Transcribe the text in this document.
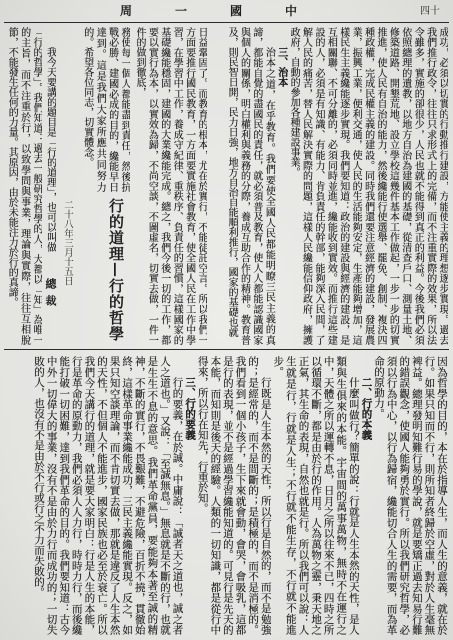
中國一周	四十

成功，必須以切實的行動推行建設，方能使主義的理想逐步實現。過去我們推行政令，往往只求形式上的完備，而不注重實際的效果，所以法令雖多，實施的卻很少，人民也就不能得到真正的利益。今後我們必須依照總理的遺教，以地方自治為建國的基礎，從清查戶口、測量土地、修築道路、開墾荒地、設立學校這幾件基本工作做起，一步一步的切實推進，使人民有自治的能力，然後纔能行使選舉、罷免、創制、複決四種政權，完成民權主義的建設。同時我們還要注意經濟的建設，發展農業，振興工業，便利交通，使人民的生活能夠安定，生產能夠增加，這樣民生主義纔能逐步實現。我們要知道：政治的建設與經濟的建設，是互相關聯、不可分離的，必須同時並進，纔能收到實效。而推行這些建設的人，必須是有知識、有能力、肯負責任的幹部，能夠深入民間，了解人民的痛苦，替人民解決實際的問題，這樣人民纔能信仰政府，擁護政府，自動的參加各種建設事業。

三、治本

治本之道，在乎教育。我們要使全國人民都能明瞭三民主義的真諦，都能自覺的盡國民的責任，就必須普及教育，使人人都能認識國家與個人的關係，明白權利與義務的分際，養成互助合作的精神。教育普及，則民智日開，民力日強，地方自治自能順利推行，國家的基礎也就

日益鞏固了。而教育的根本，尤在於實行，不能徒託空言。所以我們一方面要推行國民教育，一方面要實施社會教育，使全國人民在工作中學習，在學習中工作，養成守紀律、重秩序、負責任的習慣，這樣國家的基礎纔能穩固，建國的大業纔能完成。總之，我們今後一切的工作，都要以實行為本，以實效為歸，不尚空談，不圖虛名，切實去做，一件一件的做到徹底，

務使每一個人都能盡到責任，然後抗戰必勝、建國必成的目的，纔能早日達到。這是我們大家所應共同努力的。希望各位同志，切實體念。

行的道理—行的哲學
二十八年三月十五日
總裁

我今天要講的題目是「行的道理」，也可以叫做

「行的哲學」。我們知道：過去一般研究哲學的人，大都以「知」為唯一的主旨，而不注重於行，以致學問與事業，理論與實際，往往互相脫節，不能發生任何的力量。其原因，由於未能注力於行的真諦。

因為哲學的目的，本在於指導人生，而人生的意義，就在於行。如果只知而不行，則所知者終歸於空虛，對於人生毫無裨益。總理發明知難行易的學說，就是要矯正過去知易行難的錯誤觀念，使國人能夠勇於實行。所以我們研究哲學，必須以行為中心，以行為歸宿，纔能切合人生的需要，而為革命的原動力。

二、行的本義

什麼叫做行？簡單的說：行就是人生本然的天性，是人類與生俱來的本能。宇宙間的萬事萬物，無時不在運行之中，天體之所以運轉不息，日月之所以往來不已，四時之所以循環不斷，都是由於行的作用。人為萬物之靈，秉天地之正氣，其生命的表現，自然也就是行。所以我們可以說：人生就是行，行就是人生；不行就不能生存，不行就不能進步。

行既是人生本然的天性，所以行是自然的，而不是勉強的；是經常的，而不是間斷的；是積極的，而不是消極的。我們看到一個小孩子，生下來就會動，會哭，會吸乳，這都是行的表現，並不是經過學習纔能知道的。可見行是先天的本能，而知則是後天的經驗。人類的一切知識，都是從行中得來，所以行在知先，行重於知。

三、行的要義

行的要義，在於誠。中庸說：「誠者天之道也，誠之者人之道也。」又說：「至誠無息。」無息就是不斷的行，也就是生生不息的意思。我們革命黨員，要能夠本著至誠的精神，不斷的實行，不畏艱難，不避危險，百折不撓，貫徹始終，這樣革命事業纔能成功，三民主義纔能實現。反之，如果只知空談理論，而不肯切實去做，那就是違反了人生本然的天性，不但個人不能進步，國家民族也必至於衰亡。所以我們今天講行的道理，就是要大家明白：行是人生的本能，行是革命的原動力，我們必須人人力行，時時力行，而後纔能打破一切困難，達到我們革命的目的。我們要知道：古今中外一切偉大的事業，沒有不是由於力行而成功的；一切失敗的人，也沒有不是由於不行或行之不力而失敗的。
